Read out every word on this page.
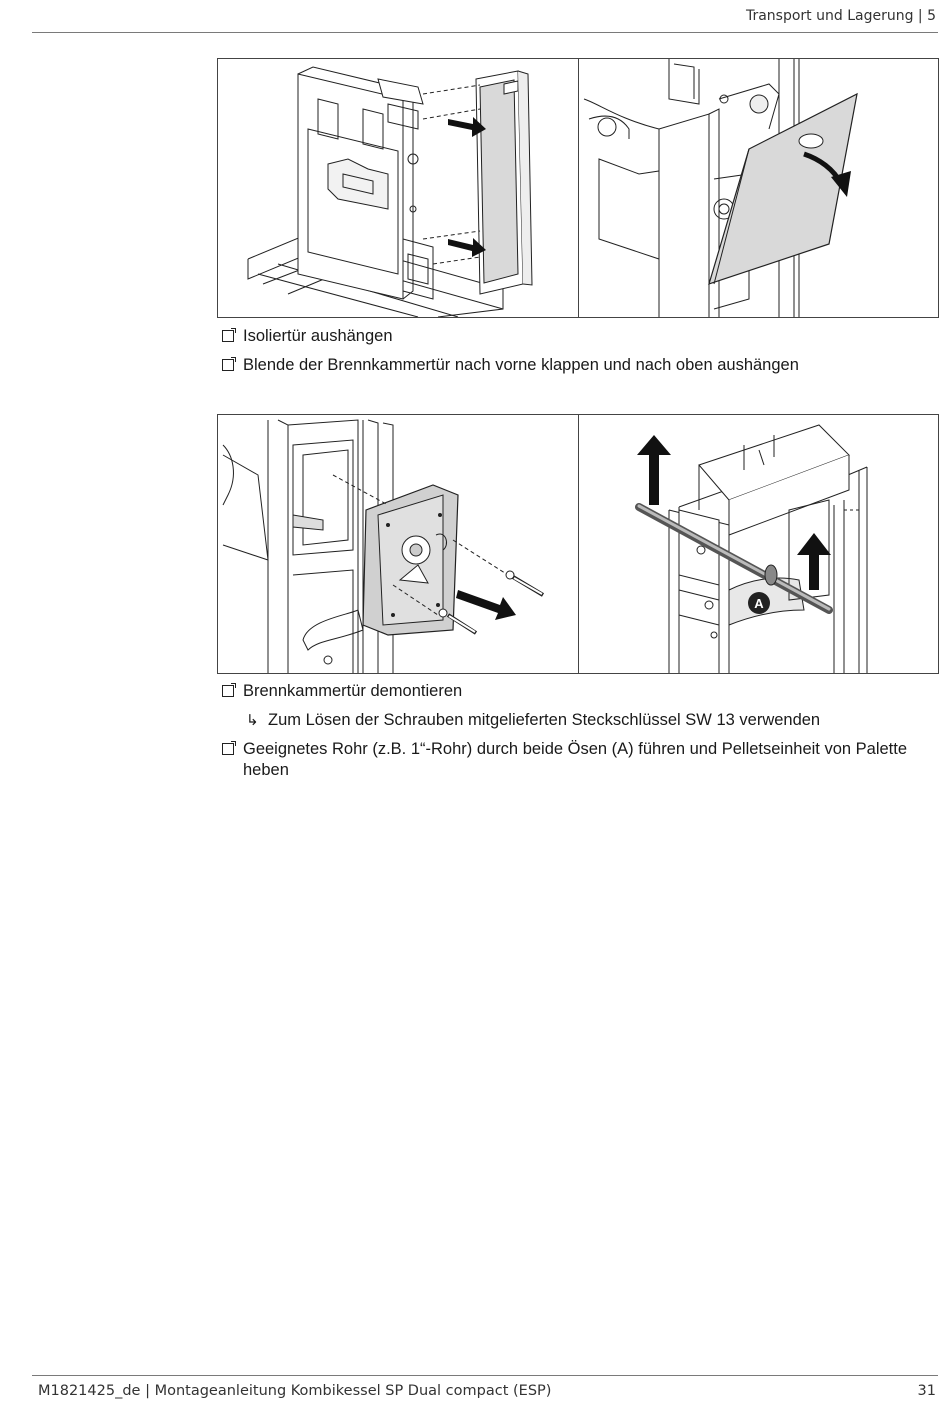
Transport und Lagerung | 5
Isoliertür aushängen
Blende der Brennkammertür nach vorne klappen und nach oben aushängen
A
Brennkammertür demontieren
↳ Zum Lösen der Schrauben mitgelieferten Steckschlüssel SW 13 verwenden
Geeignetes Rohr (z.B. 1“-Rohr) durch beide Ösen (A) führen und Pelletseinheit von Palette heben
M1821425_de | Montageanleitung Kombikessel SP Dual compact (ESP)	31
